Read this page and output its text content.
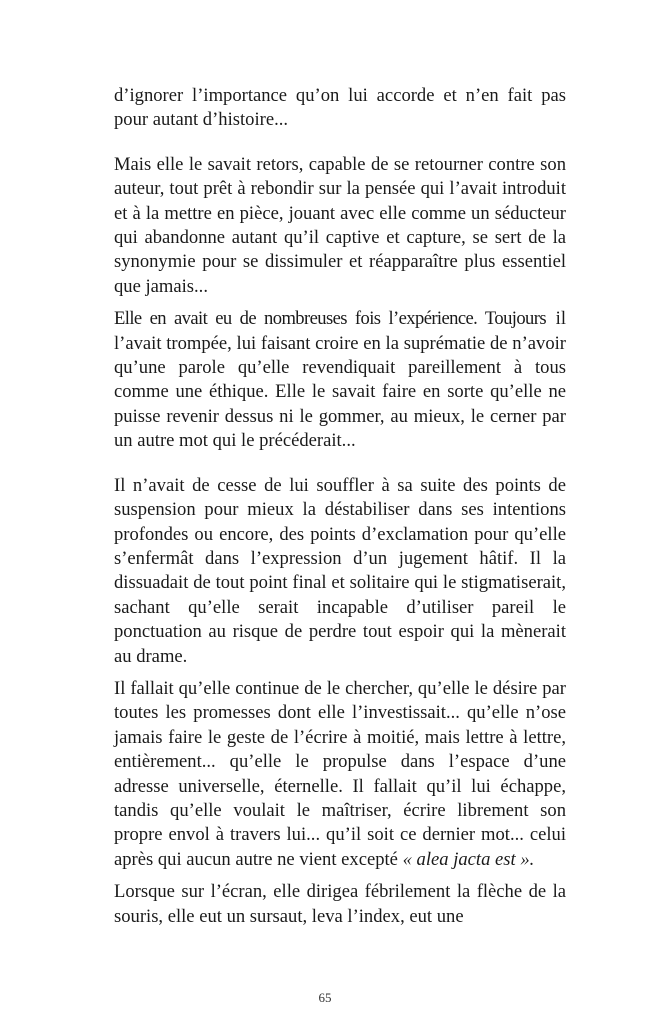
d’ignorer l’importance qu’on lui accorde et n’en fait pas pour autant d’histoire...

Mais elle le savait retors, capable de se retourner contre son auteur, tout prêt à rebondir sur la pensée qui l’avait introduit et à la mettre en pièce, jouant avec elle comme un séducteur qui abandonne autant qu’il captive et capture, se sert de la synonymie pour se dissimuler et réapparaître plus essentiel que jamais...

Elle en avait eu de nombreuses fois l’expérience. Toujours il l’avait trompée, lui faisant croire en la suprématie de n’avoir qu’une parole qu’elle revendiquait pareillement à tous comme une éthique. Elle le savait faire en sorte qu’elle ne puisse revenir dessus ni le gommer, au mieux, le cerner par un autre mot qui le précéderait...

Il n’avait de cesse de lui souffler à sa suite des points de suspension pour mieux la déstabiliser dans ses intentions profondes ou encore, des points d’exclamation pour qu’elle s’enfermât dans l’expression d’un jugement hâtif. Il la dissuadait de tout point final et solitaire qui le stigmatiserait, sachant qu’elle serait incapable d’utiliser pareil le ponctuation au risque de perdre tout espoir qui la mènerait au drame.

Il fallait qu’elle continue de le chercher, qu’elle le désire par toutes les promesses dont elle l’investissait... qu’elle n’ose jamais faire le geste de l’écrire à moitié, mais lettre à lettre, entièrement... qu’elle le propulse dans l’espace d’une adresse universelle, éternelle. Il fallait qu’il lui échappe, tandis qu’elle voulait le maîtriser, écrire librement son propre envol à travers lui... qu’il soit ce dernier mot... celui après qui aucun autre ne vient excepté « alea jacta est ».

Lorsque sur l’écran, elle dirigea fébrilement la flèche de la souris, elle eut un sursaut, leva l’index, eut une

65
